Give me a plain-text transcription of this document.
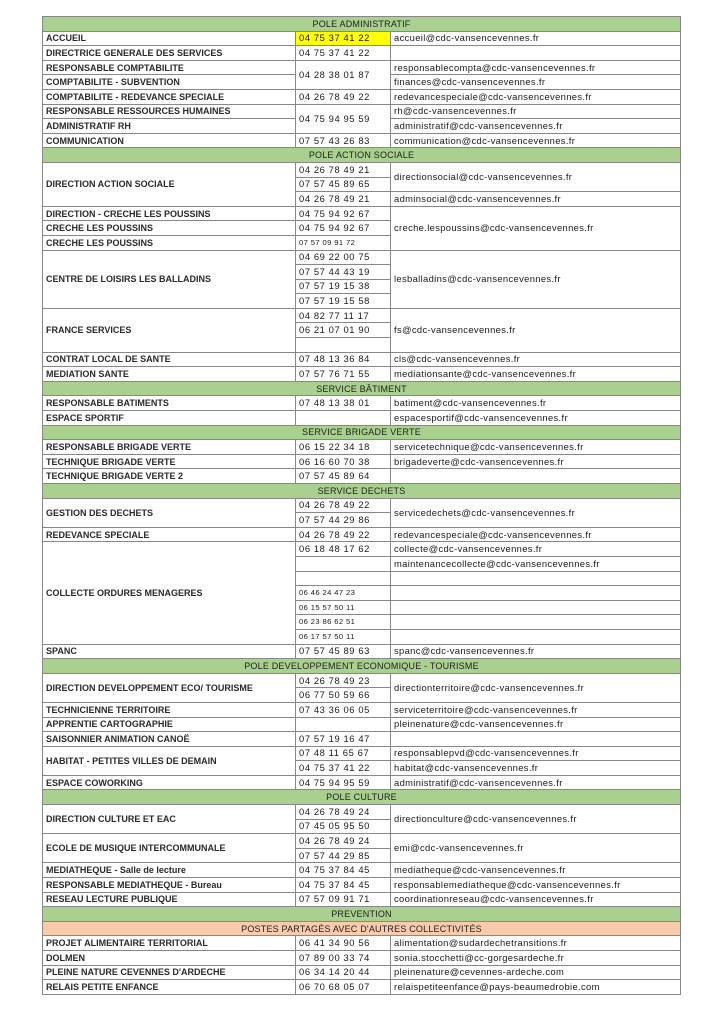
POLE ADMINISTRATIF		
ACCUEIL	04 75 37 41 22	accueil@cdc-vansencevennes.fr
DIRECTRICE GENERALE DES SERVICES	04 75 37 41 22	
RESPONSABLE COMPTABILITE	04 28 38 01 87	responsablecompta@cdc-vansencevennes.fr
COMPTABILITE - SUBVENTION		finances@cdc-vansencevennes.fr
COMPTABILITE - REDEVANCE SPECIALE	04 26 78 49 22	redevancespeciale@cdc-vansencevennes.fr
RESPONSABLE RESSOURCES HUMAINES	04 75 94 95 59	rh@cdc-vansencevennes.fr
ADMINISTRATIF RH		administratif@cdc-vansencevennes.fr
COMMUNICATION	07 57 43 26 83	communication@cdc-vansencevennes.fr
POLE ACTION SOCIALE		
DIRECTION ACTION SOCIALE	04 26 78 49 21	directionsocial@cdc-vansencevennes.fr
	07 57 45 89 65	
	04 26 78 49 21	adminsocial@cdc-vansencevennes.fr
DIRECTION - CRECHE LES POUSSINS	04 75 94 92 67	creche.lespoussins@cdc-vansencevennes.fr
CRECHE LES POUSSINS	04 75 94 92 67	
CRECHE LES POUSSINS	07 57 09 91 72	
CENTRE DE LOISIRS LES BALLADINS	04 69 22 00 75	lesballadins@cdc-vansencevennes.fr
	07 57 44 43 19	
	07 57 19 15 38	
	07 57 19 15 58	
FRANCE SERVICES	04 82 77 11 17	fs@cdc-vansencevennes.fr
	06 21 07 01 90	

CONTRAT LOCAL DE SANTE	07 48 13 36 84	cls@cdc-vansencevennes.fr
MEDIATION SANTE	07 57 76 71 55	mediationsante@cdc-vansencevennes.fr
SERVICE BÂTIMENT		
RESPONSABLE BATIMENTS	07 48 13 38 01	batiment@cdc-vansencevennes.fr
ESPACE SPORTIF		espacesportif@cdc-vansencevennes.fr
SERVICE BRIGADE VERTE		
RESPONSABLE BRIGADE VERTE	06 15 22 34 18	servicetechnique@cdc-vansencevennes.fr
TECHNIQUE BRIGADE VERTE	06 16 60 70 38	brigadeverte@cdc-vansencevennes.fr
TECHNIQUE BRIGADE VERTE 2	07 57 45 89 64	
SERVICE DECHETS		
GESTION DES DECHETS	04 26 78 49 22	servicedechets@cdc-vansencevennes.fr
	07 57 44 29 86	
REDEVANCE SPECIALE	04 26 78 49 22	redevancespeciale@cdc-vansencevennes.fr
COLLECTE ORDURES MENAGERES	06 18 48 17 62	collecte@cdc-vansencevennes.fr
		maintenancecollecte@cdc-vansencevennes.fr

	06 46 24 47 23	
	06 15 57 50 11	
	06 23 86 62 51	
	06 17 57 50 11	
SPANC	07 57 45 89 63	spanc@cdc-vansencevennes.fr
POLE DEVELOPPEMENT ECONOMIQUE - TOURISME		
DIRECTION DEVELOPPEMENT ECO/ TOURISME	04 26 78 49 23	directionterritoire@cdc-vansencevennes.fr
	06 77 50 59 66	
TECHNICIENNE TERRITOIRE	07 43 36 06 05	serviceterritoire@cdc-vansencevennes.fr
APPRENTIE CARTOGRAPHIE		pleinenature@cdc-vansencevennes.fr
SAISONNIER ANIMATION CANOË	07 57 19 16 47	
HABITAT - PETITES VILLES DE DEMAIN	07 48 11 65 67	responsablepvd@cdc-vansencevennes.fr
	04 75 37 41 22	habitat@cdc-vansencevennes.fr
ESPACE COWORKING	04 75 94 95 59	administratif@cdc-vansencevennes.fr
POLE CULTURE		
DIRECTION CULTURE ET EAC	04 26 78 49 24	directionculture@cdc-vansencevennes.fr
	07 45 05 95 50	
ECOLE DE MUSIQUE INTERCOMMUNALE	04 26 78 49 24	emi@cdc-vansencevennes.fr
	07 57 44 29 85	
MEDIATHEQUE - Salle de lecture	04 75 37 84 45	mediatheque@cdc-vansencevennes.fr
RESPONSABLE MEDIATHEQUE - Bureau	04 75 37 84 45	responsablemediatheque@cdc-vansencevennes.fr
RESEAU LECTURE PUBLIQUE	07 57 09 91 71	coordinationreseau@cdc-vansencevennes.fr
PREVENTION		
POSTES PARTAGÉS AVEC D'AUTRES COLLECTIVITÉS		
PROJET ALIMENTAIRE TERRITORIAL	06 41 34 90 56	alimentation@sudardechetransitions.fr
DOLMEN	07 89 00 33 74	sonia.stocchetti@cc-gorgesardeche.fr
PLEINE NATURE CEVENNES D'ARDECHE	06 34 14 20 44	pleinenature@cevennes-ardeche.com
RELAIS PETITE ENFANCE	06 70 68 05 07	relaispetiteenfance@pays-beaumedrobie.com
